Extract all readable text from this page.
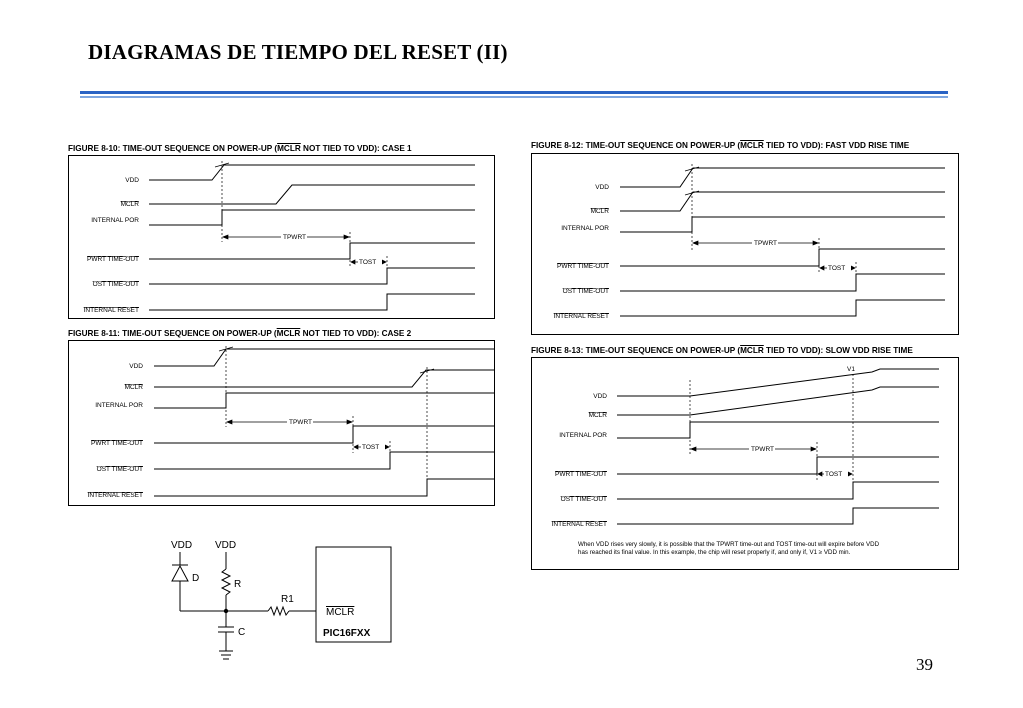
DIAGRAMAS DE TIEMPO DEL RESET (II)
FIGURE 8-10: TIME-OUT SEQUENCE ON POWER-UP (MCLR NOT TIED TO VDD): CASE 1
TPWRT
TOST
VDD
MCLR
INTERNAL POR
PWRT TIME-OUT
OST TIME-OUT
INTERNAL RESET
FIGURE 8-11: TIME-OUT SEQUENCE ON POWER-UP (MCLR NOT TIED TO VDD): CASE 2
TPWRT
TOST
VDD
MCLR
INTERNAL POR
PWRT TIME-OUT
OST TIME-OUT
INTERNAL RESET
FIGURE 8-12: TIME-OUT SEQUENCE ON POWER-UP (MCLR TIED TO VDD): FAST VDD RISE TIME
TPWRT
TOST
VDD
MCLR
INTERNAL POR
PWRT TIME-OUT
OST TIME-OUT
INTERNAL RESET
FIGURE 8-13: TIME-OUT SEQUENCE ON POWER-UP (MCLR TIED TO VDD): SLOW VDD RISE TIME
V1
TPWRT
TOST
VDD
MCLR
INTERNAL POR
PWRT TIME-OUT
OST TIME-OUT
INTERNAL RESET
When VDD rises very slowly, it is possible that the TPWRT time-out and TOST time-out will expire before VDD
has reached its final value. In this example, the chip will reset properly if, and only if, V1 ≥ VDD min.
VDD VDD
D
R
R1
C
MCLR
PIC16FXX
39
